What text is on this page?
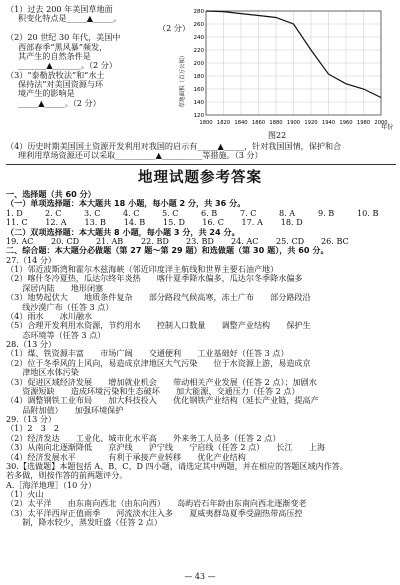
（1）过去 200 年美国草地面
积变化特点是_____▲_____。
（2 分）
（2）20 世纪 30 年代，美国中
西部春季“黑风暴”频发，
其产生的自然条件是
_______▲_______。（2 分）
（3）“泰勒放牧法”和“水土
保持法”对美国资源与环
境产生的影响是
_____▲_____。（2 分）
280
260
240
220
200
180
160
140
120
1800 1820 1840 1860 1880 1900 1920 1940 1960 1980 2000
草地面积（百万公顷）
年份
图22
（4）历史时期美国国土资源开发利用对我国的启示有_____▲_____，针对我国国情，保护和合
理利用草场资源还可以采取__________▲__________等措施。（3 分）
地理试题参考答案
一、选择题（共 60 分）
（一）单项选择题：本大题共 18 小题，每小题 2 分，共 36 分。
1. D	2. C	3. C	4. C	5. C	6. B	7. C	8. A	9. B	10. B
11. C	12. A	13. B	14. B	15. D	16. C	17. A	18. D
（二）双项选择题：本大题共 8 小题，每小题 3 分，共 24 分。
19. AC	20. CD	21. AB	22. BD	23. BD	24. AC	25. CD	26. BC
二、综合题：本大题分必做题（第 27 题～第 29 题）和选做题（第 30 题），共 60 分。
27.（14 分）
（1）邻近波斯湾和霍尔木兹海峡（邻近印度洋主航线和世界主要石油产地）
（2）喀什冬冷夏热，瓜达尔终年炎热　　喀什夏季降水偏多，瓜达尔冬季降水偏多
　　深居内陆　　地形闭塞
（3）地势起伏大　　地质条件复杂　　部分路段气候高寒，冻土广布　　部分路段沿
　　线沙漠广布（任答 3 点）
（4）雨水　　冰川融水
（5）合理开发利用水资源，节约用水　　控制人口数量　　调整产业结构　　保护生
　　态环境等（任答 3 点）
28.（13 分）
（1）煤、铁资源丰富　　市场广阔　　交通便利　　工业基础好（任答 3 点）
（2）位于冬季风的上风向，易造成京津地区大气污染　　位于水资源上游，易造成京
　　津地区水体污染
（3）促进区域经济发展　　增加就业机会　　带动相关产业发展（任答 2 点）；加剧水
　　资源短缺　　造成环境污染和生态破坏　　加大能源、交通压力（任答 2 点）
（4）调整钢铁工业布局　　加大科技投入　　优化钢铁产业结构（延长产业链，提高产
　　品附加值）　　加强环境保护
29.（13 分）
（1）2　3　2
（2）经济发达　　工业化、城市化水平高　　外来务工人员多（任答 2 点）
（3）从南向北逐渐降低　　京沪线　　沪宁线　　宁启线（任答 2 点）　　长江　　上海
（4）经济发展水平　　　　有利于承接产业转移　　优化产业结构
30.【选做题】本题包括 A、B、C、D 四小题，请选定其中两题，并在相应的答题区域内作答。
若多做，则按作答的前两题评分。
A.［海洋地理］（10 分）
（1）火山
（2）太平洋　　由东南向西北（由东向西）　　岛屿岩石年龄由东南向西北逐渐变老
（3）太平洋西岸正值雨季　　河流淡水注入多　　夏威夷群岛夏季受副热带高压控
　　制，降水较少，蒸发旺盛（任答 2 点）
— 43 —
